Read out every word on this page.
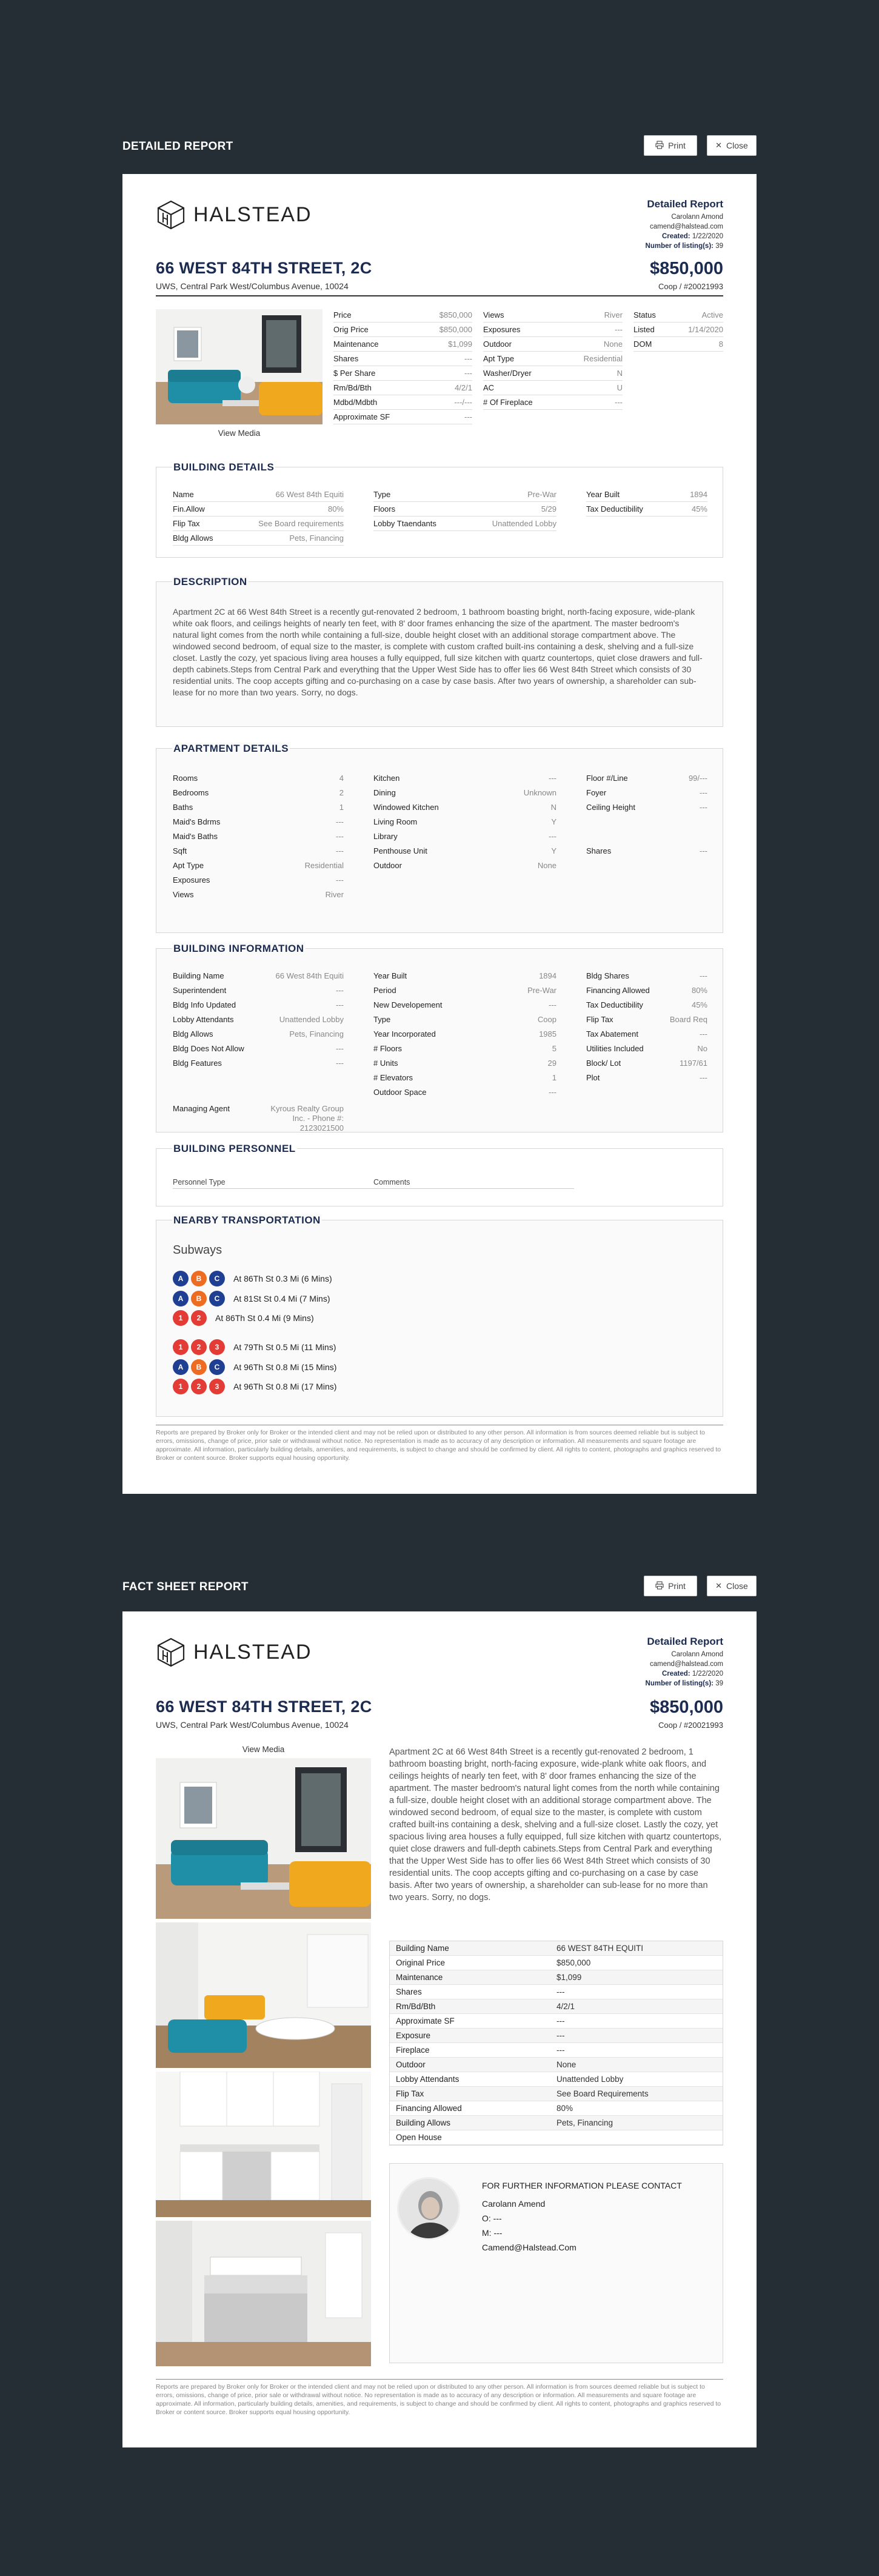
DETAILED REPORT	Print	✕ Close
HALSTEAD	Detailed Report
Carolann Amond
camend@halstead.com
Created: 1/22/2020
Number of listing(s): 39
66 WEST 84TH STREET, 2C
UWS, Central Park West/Columbus Avenue, 10024
$850,000
Coop / #20021993
View Media
Price	$850,000
Orig Price	$850,000
Maintenance	$1,099
Shares	---
$ Per Share	---
Rm/Bd/Bth	4/2/1
Mdbd/Mdbth	---/---
Approximate SF	---
Views	River
Exposures	---
Outdoor	None
Apt Type	Residential
Washer/Dryer	N
AC	U
# Of Fireplace	---
Status	Active
Listed	1/14/2020
DOM	8
BUILDING DETAILS
Name	66 West 84th Equiti
Fin.Allow	80%
Flip Tax	See Board requirements
Bldg Allows	Pets, Financing
Type	Pre-War
Floors	5/29
Lobby Ttaendants	Unattended Lobby
Year Built	1894
Tax Deductibility	45%
DESCRIPTION
Apartment 2C at 66 West 84th Street is a recently gut-renovated 2 bedroom, 1 bathroom boasting bright, north-facing exposure, wide-plank white oak floors, and ceilings heights of nearly ten feet, with 8' door frames enhancing the size of the apartment. The master bedroom's natural light comes from the north while containing a full-size, double height closet with an additional storage compartment above. The windowed second bedroom, of equal size to the master, is complete with custom crafted built-ins containing a desk, shelving and a full-size closet. Lastly the cozy, yet spacious living area houses a fully equipped, full size kitchen with quartz countertops, quiet close drawers and full-depth cabinets.Steps from Central Park and everything that the Upper West Side has to offer lies 66 West 84th Street which consists of 30 residential units. The coop accepts gifting and co-purchasing on a case by case basis. After two years of ownership, a shareholder can sub-lease for no more than two years. Sorry, no dogs.
APARTMENT DETAILS
Rooms	4
Bedrooms	2
Baths	1
Maid's Bdrms	---
Maid's Baths	---
Sqft	---
Apt Type	Residential
Exposures	---
Views	River
Kitchen	---
Dining	Unknown
Windowed Kitchen	N
Living Room	Y
Library	---
Penthouse Unit	Y
Outdoor	None
Floor #/Line	99/---
Foyer	---
Ceiling Height	---
Shares	---
BUILDING INFORMATION
Building Name	66 West 84th Equiti
Superintendent	---
Bldg Info Updated	---
Lobby Attendants	Unattended Lobby
Bldg Allows	Pets, Financing
Bldg Does Not Allow	---
Bldg Features	---
Managing Agent	Kyrous Realty Group
Inc. - Phone #:
2123021500
Year Built	1894
Period	Pre-War
New Developement	---
Type	Coop
Year Incorporated	1985
# Floors	5
# Units	29
# Elevators	1
Outdoor Space	---
Bldg Shares	---
Financing Allowed	80%
Tax Deductibility	45%
Flip Tax	Board Req
Tax Abatement	---
Utilities Included	No
Block/ Lot	1197/61
Plot	---
BUILDING PERSONNEL
Personnel Type	Comments
NEARBY TRANSPORTATION
Subways
A	B	C	At 86Th St 0.3 Mi (6 Mins)
A	B	C	At 81St St 0.4 Mi (7 Mins)
1	2	At 86Th St 0.4 Mi (9 Mins)
1	2	3	At 79Th St 0.5 Mi (11 Mins)
A	B	C	At 96Th St 0.8 Mi (15 Mins)
1	2	3	At 96Th St 0.8 Mi (17 Mins)
Reports are prepared by Broker only for Broker or the intended client and may not be relied upon or distributed to any other person. All information is from sources deemed reliable but is subject to errors, omissions, change of price, prior sale or withdrawal without notice. No representation is made as to accuracy of any description or information. All measurements and square footage are approximate. All information, particularly building details, amenities, and requirements, is subject to change and should be confirmed by client. All rights to content, photographs and graphics reserved to Broker or content source. Broker supports equal housing opportunity.
FACT SHEET REPORT	Print	✕ Close
HALSTEAD	Detailed Report
Carolann Amond
camend@halstead.com
Created: 1/22/2020
Number of listing(s): 39
66 WEST 84TH STREET, 2C
UWS, Central Park West/Columbus Avenue, 10024
$850,000
Coop / #20021993
View Media	Apartment 2C at 66 West 84th Street is a recently gut-renovated 2 bedroom, 1 bathroom boasting bright, north-facing exposure, wide-plank white oak floors, and ceilings heights of nearly ten feet, with 8' door frames enhancing the size of the apartment. The master bedroom's natural light comes from the north while containing a full-size, double height closet with an additional storage compartment above. The windowed second bedroom, of equal size to the master, is complete with custom crafted built-ins containing a desk, shelving and a full-size closet. Lastly the cozy, yet spacious living area houses a fully equipped, full size kitchen with quartz countertops, quiet close drawers and full-depth cabinets.Steps from Central Park and everything that the Upper West Side has to offer lies 66 West 84th Street which consists of 30 residential units. The coop accepts gifting and co-purchasing on a case by case basis. After two years of ownership, a shareholder can sub-lease for no more than two years. Sorry, no dogs.
Building Name	66 WEST 84TH EQUITI
Original Price	$850,000
Maintenance	$1,099
Shares	---
Rm/Bd/Bth	4/2/1
Approximate SF	---
Exposure	---
Fireplace	---
Outdoor	None
Lobby Attendants	Unattended Lobby
Flip Tax	See Board Requirements
Financing Allowed	80%
Building Allows	Pets, Financing
Open House
FOR FURTHER INFORMATION PLEASE CONTACT
Carolann Amend
O: ---
M: ---
Camend@Halstead.Com
Reports are prepared by Broker only for Broker or the intended client and may not be relied upon or distributed to any other person. All information is from sources deemed reliable but is subject to errors, omissions, change of price, prior sale or withdrawal without notice. No representation is made as to accuracy of any description or information. All measurements and square footage are approximate. All information, particularly building details, amenities, and requirements, is subject to change and should be confirmed by client. All rights to content, photographs and graphics reserved to Broker or content source. Broker supports equal housing opportunity.
